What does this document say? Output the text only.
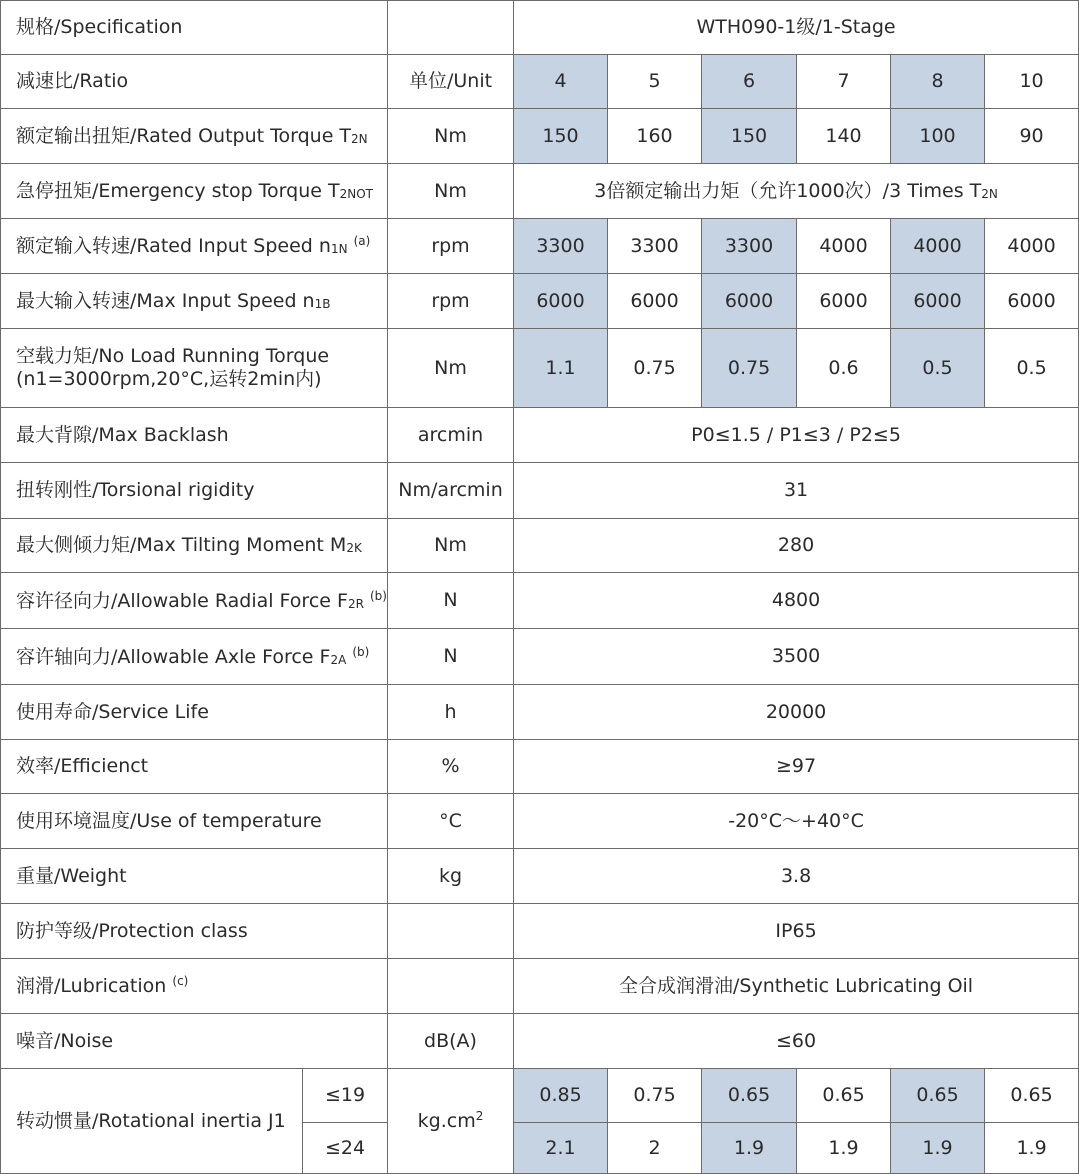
规格/Specification			WTH090-1级/1-Stage					
减速比/Ratio		单位/Unit	4	5	6	7	8	10
额定输出扭矩/Rated Output Torque $T_{2N}$		Nm	150	160	150	140	100	90
急停扭矩/Emergency stop Torque $T_{2NOT}$		Nm	3倍额定输出力矩（允许1000次）/3 Times $T_{2N}$
额定输入转速/Rated Input Speed $n_{1N}$ $^{(a)}$		rpm	3300	3300	3300	4000	4000	4000
最大输入转速/Max Input Speed $n_{1B}$		rpm	6000	6000	6000	6000	6000	6000
空载力矩/No Load Running Torque
(n1=3000rpm,20°C,运转2min内)		Nm	1.1	0.75	0.75	0.6	0.5	0.5
最大背隙/Max Backlash		arcmin	P0≤1.5 / P1≤3 / P2≤5					
扭转刚性/Torsional rigidity		Nm/arcmin	31					
最大侧倾力矩/Max Tilting Moment $M_{2K}$		Nm	280					
容许径向力/Allowable Radial Force $F_{2R}$ $^{(b)}$		N	4800					
容许轴向力/Allowable Axle Force $F_{2A}$ $^{(b)}$		N	3500					
使用寿命/Service Life		h	20000					
效率/Efficienct		%	≥97					
使用环境温度/Use of temperature		°C	-20°C～+40°C					
重量/Weight		kg	3.8					
防护等级/Protection class			IP65					
润滑/Lubrication $^{(c)}$			全合成润滑油/Synthetic Lubricating Oil					
噪音/Noise		dB(A)	≤60					
转动惯量/Rotational inertia J1	≤19	$kg.cm^2$	0.85	0.75	0.65	0.65	0.65	0.65
	≤24		2.1	2	1.9	1.9	1.9	1.9
